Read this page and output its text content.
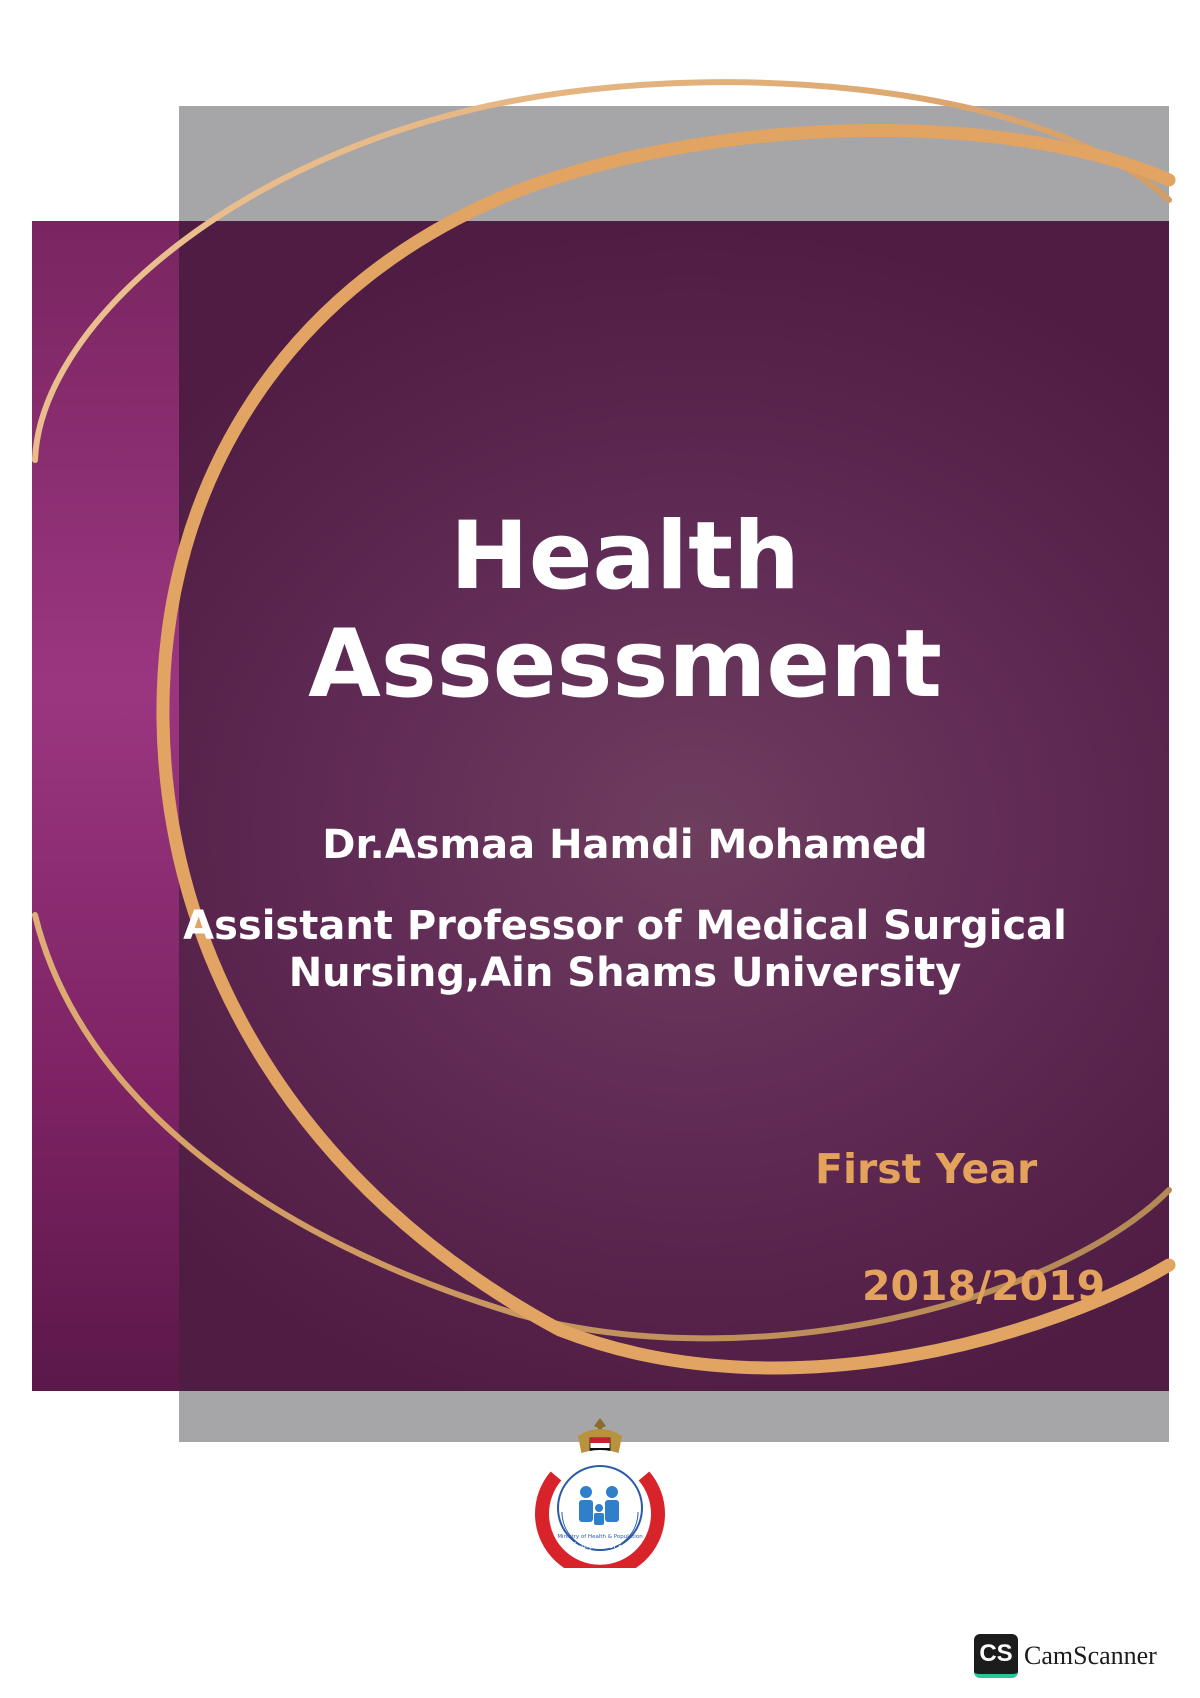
Health
Assessment
Dr.Asmaa Hamdi Mohamed
Assistant Professor of Medical Surgical Nursing,Ain Shams University
First Year
2018/2019
وزارة الصحة والسكان
Ministry of Health & Population
CS CamScanner
